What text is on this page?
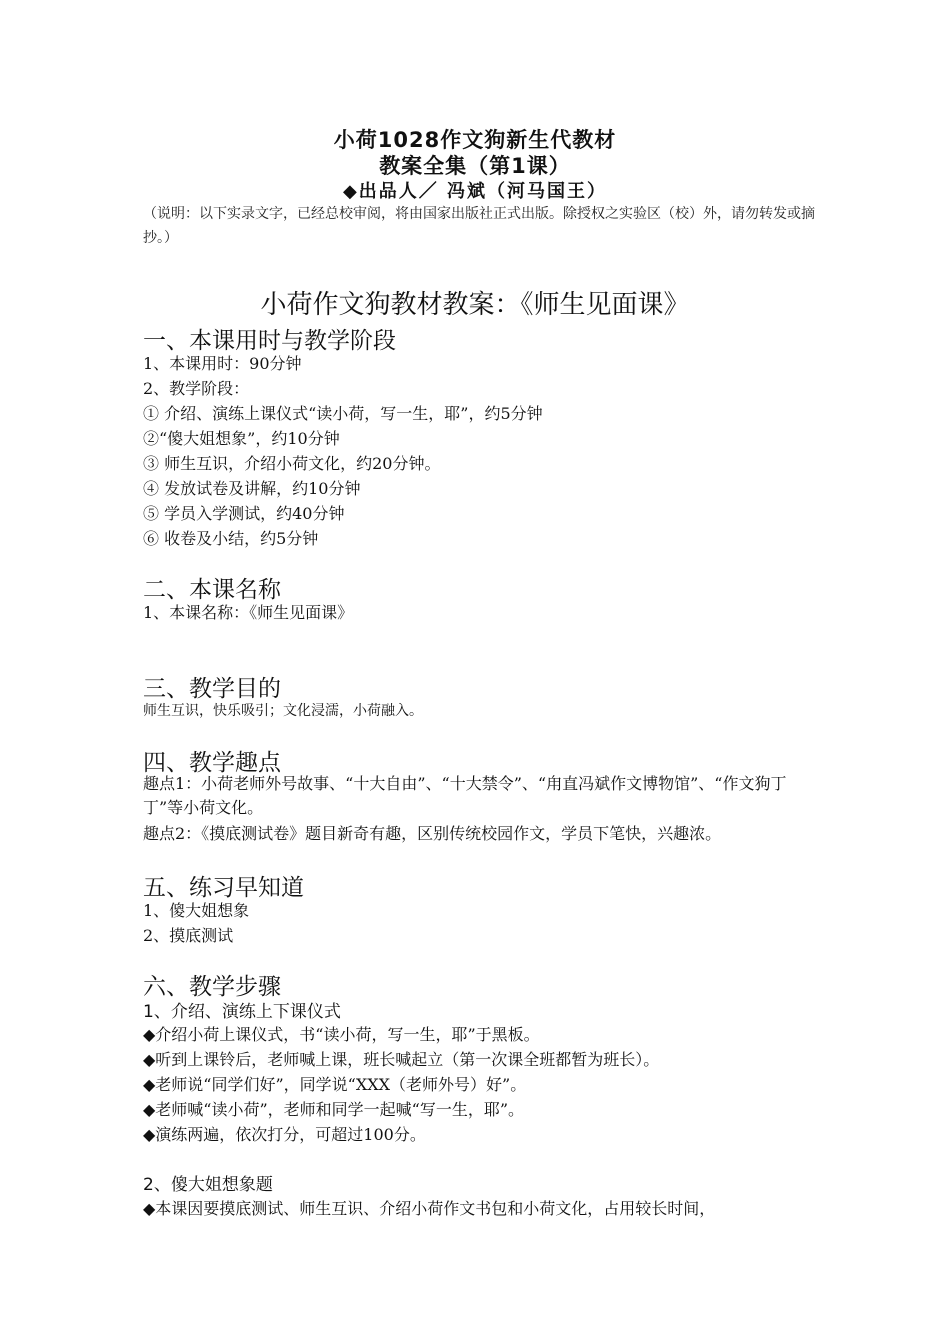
小荷1028作文狗新生代教材
教案全集（第1课）
◆出品人／ 冯斌（河马国王）
（说明：以下实录文字，已经总校审阅，将由国家出版社正式出版。除授权之实验区（校）外，请勿转发或摘抄。）
小荷作文狗教材教案：《师生见面课》
一、本课用时与教学阶段
1、本课用时：90分钟
2、教学阶段：
① 介绍、演练上课仪式“读小荷，写一生，耶”，约5分钟
②“傻大姐想象”，约10分钟
③ 师生互识，介绍小荷文化，约20分钟。
④ 发放试卷及讲解，约10分钟
⑤ 学员入学测试，约40分钟
⑥ 收卷及小结，约5分钟
二、本课名称
1、本课名称：《师生见面课》
三、教学目的
师生互识，快乐吸引；文化浸濡，小荷融入。
四、教学趣点
趣点1：小荷老师外号故事、“十大自由”、“十大禁令”、“甪直冯斌作文博物馆”、“作文狗丁丁”等小荷文化。
趣点2：《摸底测试卷》题目新奇有趣，区别传统校园作文，学员下笔快，兴趣浓。
五、练习早知道
1、傻大姐想象
2、摸底测试
六、教学步骤
1、介绍、演练上下课仪式
◆介绍小荷上课仪式，书“读小荷，写一生，耶”于黑板。
◆听到上课铃后，老师喊上课，班长喊起立（第一次课全班都暂为班长）。
◆老师说“同学们好”，同学说“XXX（老师外号）好”。
◆老师喊“读小荷”，老师和同学一起喊“写一生，耶”。
◆演练两遍，依次打分，可超过100分。
2、傻大姐想象题
◆本课因要摸底测试、师生互识、介绍小荷作文书包和小荷文化，占用较长时间，
